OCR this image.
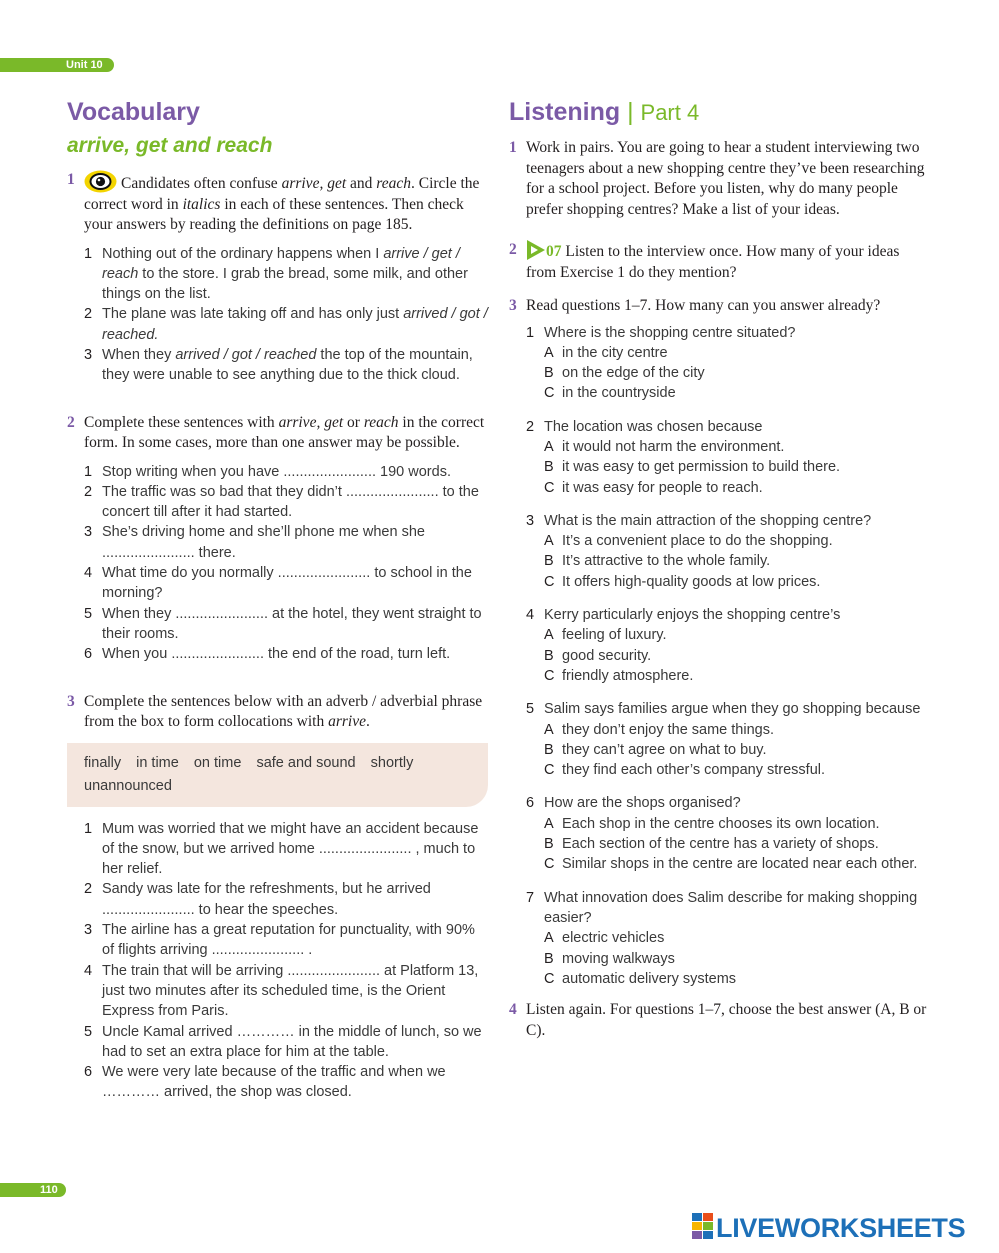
Unit 10
Vocabulary
arrive, get and reach
1	Candidates often confuse arrive, get and reach. Circle the correct word in italics in each of these sentences. Then check your answers by reading the definitions on page 185.
1 Nothing out of the ordinary happens when I arrive / get / reach to the store. I grab the bread, some milk, and other things on the list.
2 The plane was late taking off and has only just arrived / got / reached.
3 When they arrived / got / reached the top of the mountain, they were unable to see anything due to the thick cloud.
2 Complete these sentences with arrive, get or reach in the correct form. In some cases, more than one answer may be possible.
1 Stop writing when you have ....................... 190 words.
2 The traffic was so bad that they didn’t ....................... to the concert till after it had started.
3 She’s driving home and she’ll phone me when she ....................... there.
4 What time do you normally ....................... to school in the morning?
5 When they ....................... at the hotel, they went straight to their rooms.
6 When you ....................... the end of the road, turn left.
3 Complete the sentences below with an adverb / adverbial phrase from the box to form collocations with arrive.
finally in time on time safe and sound shortly
unannounced
1 Mum was worried that we might have an accident because of the snow, but we arrived home ....................... , much to her relief.
2 Sandy was late for the refreshments, but he arrived ....................... to hear the speeches.
3 The airline has a great reputation for punctuality, with 90% of flights arriving ....................... .
4 The train that will be arriving ....................... at Platform 13, just two minutes after its scheduled time, is the Orient Express from Paris.
5 Uncle Kamal arrived ………… in the middle of lunch, so we had to set an extra place for him at the table.
6 We were very late because of the traffic and when we ………… arrived, the shop was closed.
Listening | Part 4
1 Work in pairs. You are going to hear a student interviewing two teenagers about a new shopping centre they’ve been researching for a school project. Before you listen, why do many people prefer shopping centres? Make a list of your ideas.
2 07 Listen to the interview once. How many of your ideas from Exercise 1 do they mention?
3 Read questions 1–7. How many can you answer already?
1 Where is the shopping centre situated?
A in the city centre
B on the edge of the city
C in the countryside
2 The location was chosen because
A it would not harm the environment.
B it was easy to get permission to build there.
C it was easy for people to reach.
3 What is the main attraction of the shopping centre?
A It’s a convenient place to do the shopping.
B It’s attractive to the whole family.
C It offers high-quality goods at low prices.
4 Kerry particularly enjoys the shopping centre’s
A feeling of luxury.
B good security.
C friendly atmosphere.
5 Salim says families argue when they go shopping because
A they don’t enjoy the same things.
B they can’t agree on what to buy.
C they find each other’s company stressful.
6 How are the shops organised?
A Each shop in the centre chooses its own location.
B Each section of the centre has a variety of shops.
C Similar shops in the centre are located near each other.
7 What innovation does Salim describe for making shopping easier?
A electric vehicles
B moving walkways
C automatic delivery systems
4 Listen again. For questions 1–7, choose the best answer (A, B or C).
110
LIVEWORKSHEETS
